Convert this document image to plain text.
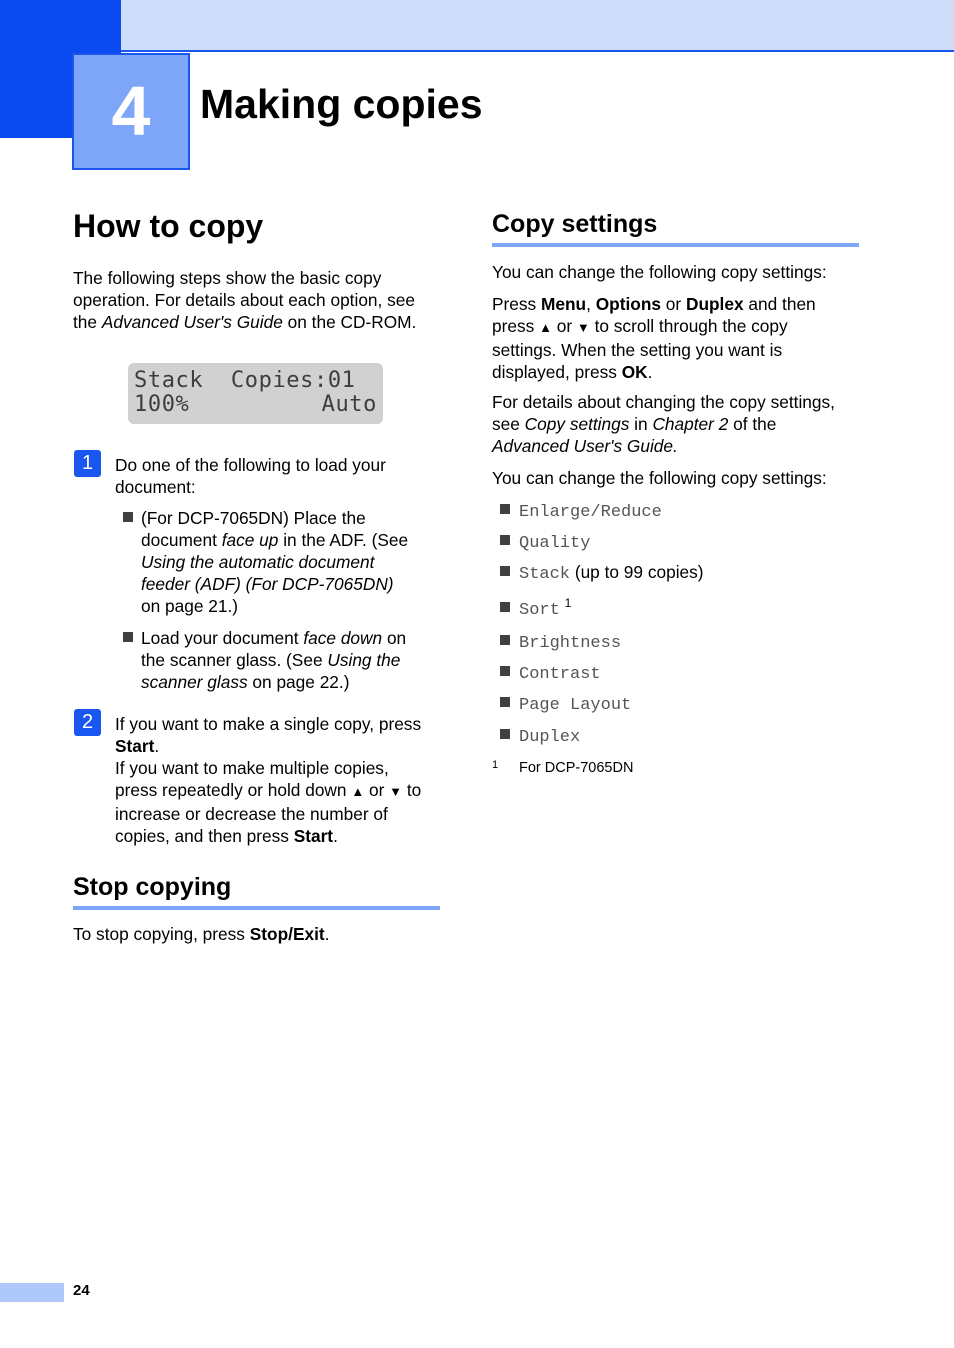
4	Making copies
How to copy

The following steps show the basic copy

operation. For details about each option, see

the Advanced User's Guide on the CD-ROM.

Stack  Copies:01
100%	Auto
1	Do one of the following to load your

document:

(For DCP-7065DN) Place the

document face up in the ADF. (See

Using the automatic document

feeder (ADF) (For DCP-7065DN)

on page 21.)

Load your document face down on

the scanner glass. (See Using the

scanner glass on page 22.)

2	If you want to make a single copy, press

Start.

If you want to make multiple copies,

press repeatedly or hold down ▲ or ▼ to

increase or decrease the number of

copies, and then press Start.

Stop copying

To stop copying, press Stop/Exit.

Copy settings

You can change the following copy settings:

Press Menu, Options or Duplex and then

press ▲ or ▼ to scroll through the copy

settings. When the setting you want is

displayed, press OK.

For details about changing the copy settings,

see Copy settings in Chapter 2 of the

Advanced User's Guide.

You can change the following copy settings:

Enlarge/Reduce
Quality
Stack (up to 99 copies)
Sort $^1$
Brightness
Contrast
Page Layout
Duplex
1 For DCP-7065DN
24
